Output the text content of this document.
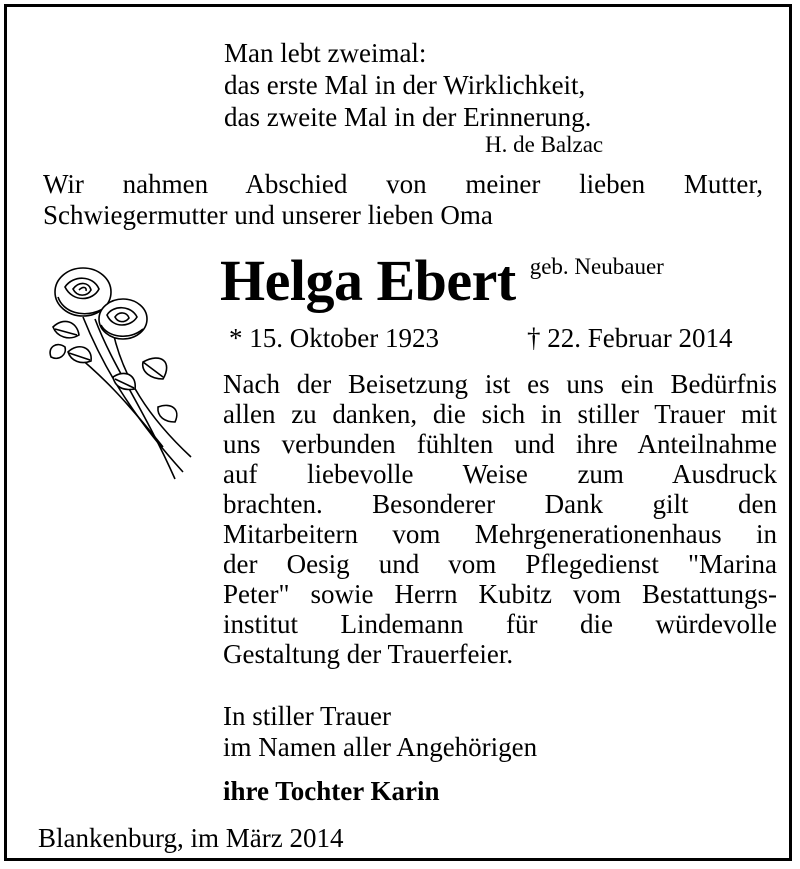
Man lebt zweimal:
das erste Mal in der Wirklichkeit,
das zweite Mal in der Erinnerung.
H. de Balzac
Wir nahmen Abschied von meiner lieben Mutter,
Schwiegermutter und unserer lieben Oma
Helga Ebert geb. Neubauer
* 15. Oktober 1923	† 22. Februar 2014
Nach der Beisetzung ist es uns ein Bedürfnis
allen zu danken, die sich in stiller Trauer mit
uns verbunden fühlten und ihre Anteilnahme
auf liebevolle Weise zum Ausdruck
brachten. Besonderer Dank gilt den
Mitarbeitern vom Mehrgenerationenhaus in
der Oesig und vom Pflegedienst "Marina
Peter" sowie Herrn Kubitz vom Bestattungs-
institut Lindemann für die würdevolle
Gestaltung der Trauerfeier.
In stiller Trauer
im Namen aller Angehörigen
ihre Tochter Karin
Blankenburg, im März 2014
